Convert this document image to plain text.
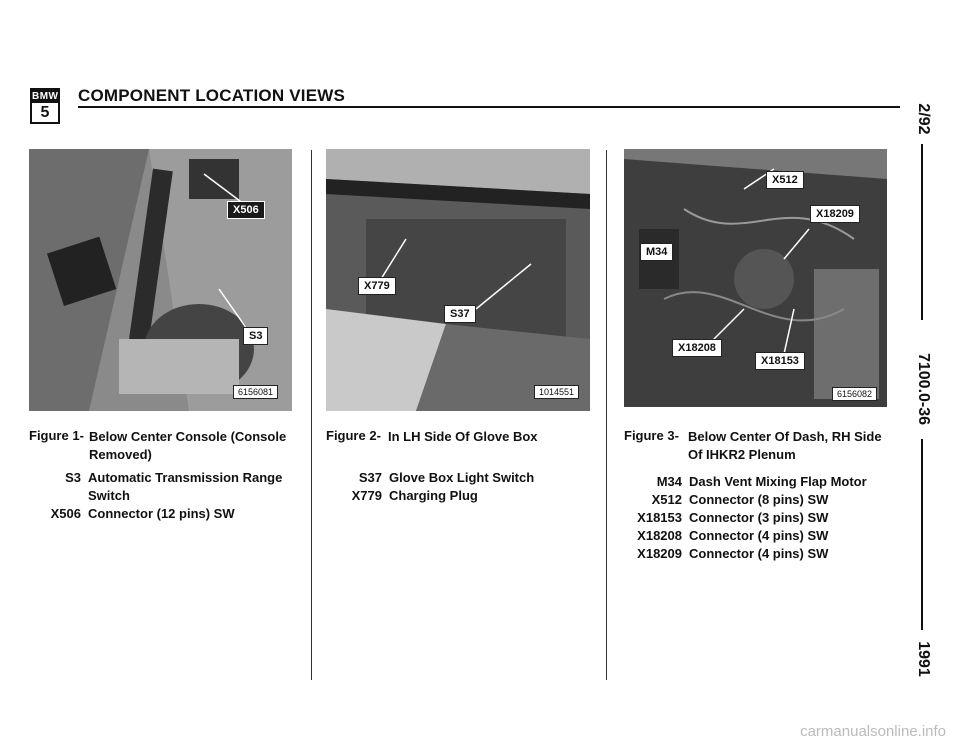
BMW
5
COMPONENT LOCATION VIEWS
2/92
7100.0-36
1991
X506
S3
6156081
X779
S37
1014551
X512
X18209
M34
X18208
X18153
6156082
Figure 1- Below Center Console (Console
Removed)
S3 Automatic Transmission Range
Switch
X506 Connector (12 pins) SW
Figure 2- In LH Side Of Glove Box
S37 Glove Box Light Switch
X779 Charging Plug
Figure 3- Below Center Of Dash, RH Side
Of IHKR2 Plenum
M34 Dash Vent Mixing Flap Motor
X512 Connector (8 pins) SW
X18153 Connector (3 pins) SW
X18208 Connector (4 pins) SW
X18209 Connector (4 pins) SW
carmanualsonline.info
